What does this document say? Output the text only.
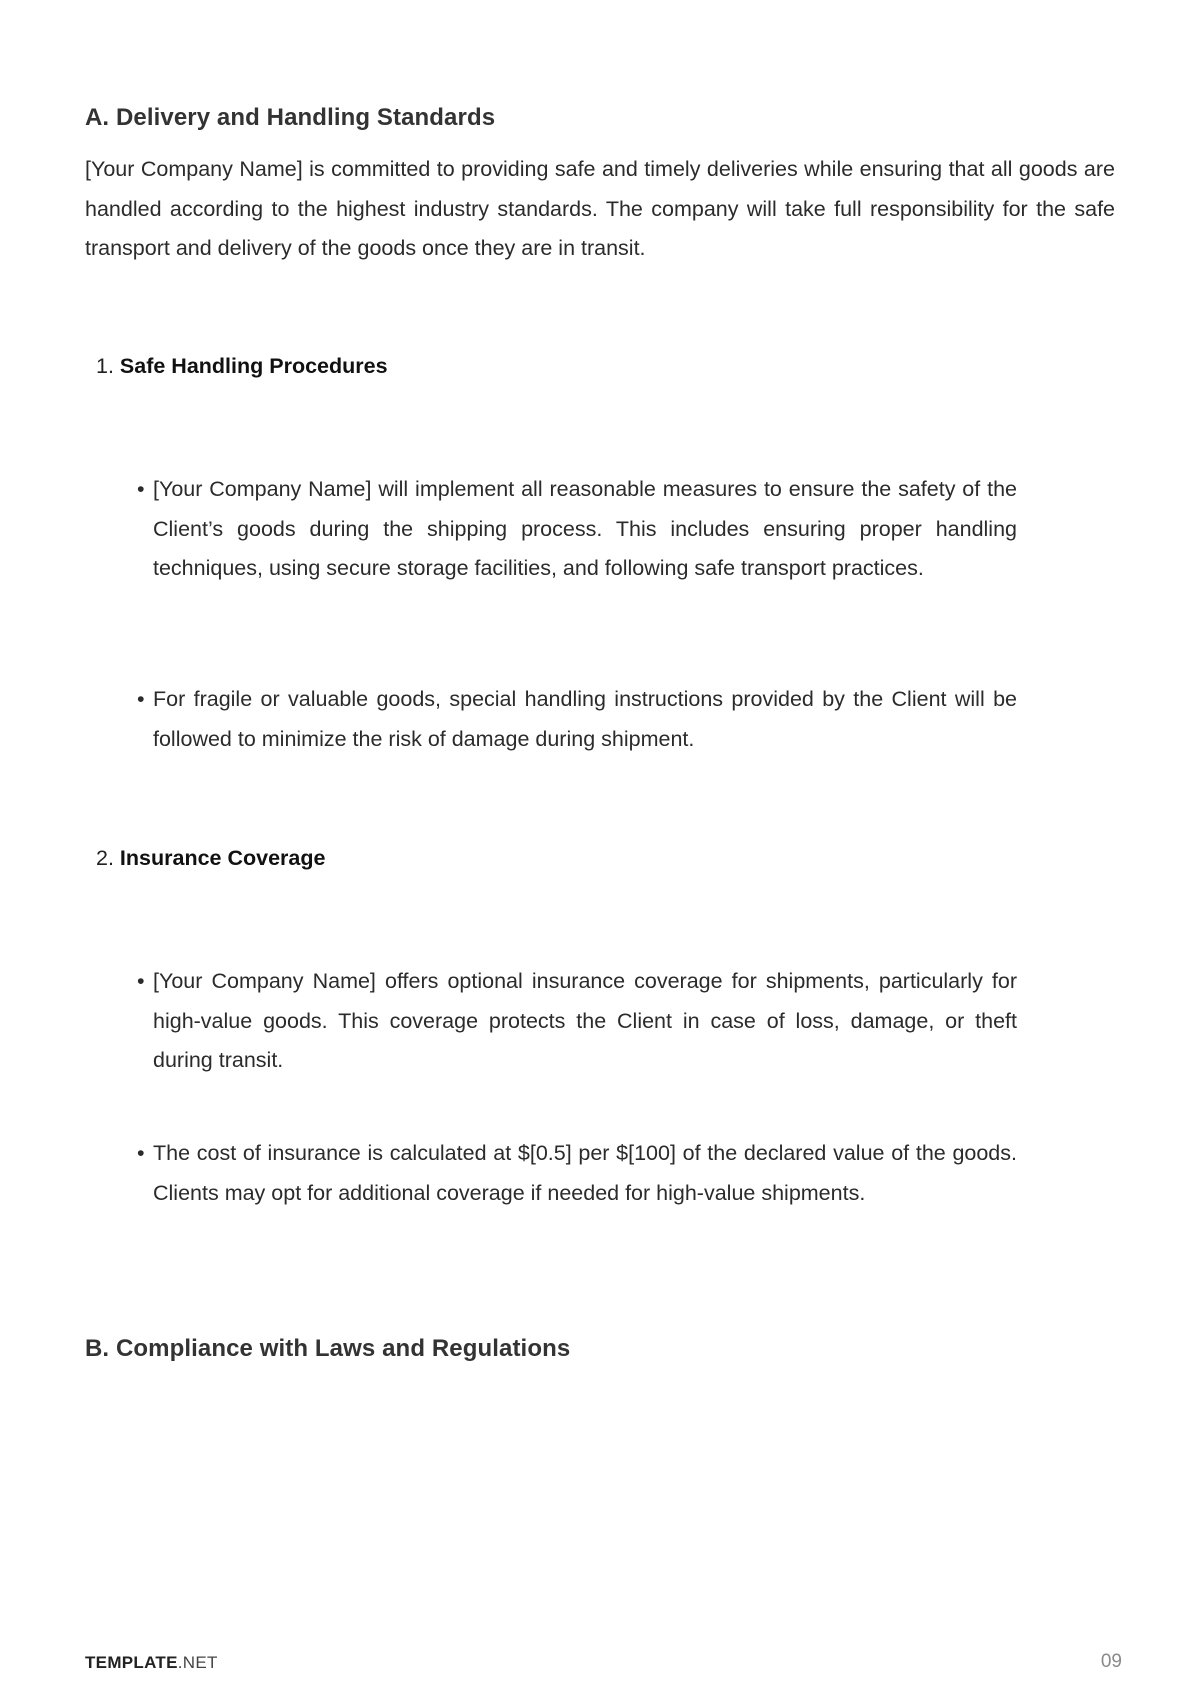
A. Delivery and Handling Standards

[Your Company Name] is committed to providing safe and timely deliveries while ensuring that all goods are handled according to the highest industry standards. The company will take full responsibility for the safe transport and delivery of the goods once they are in transit.

1. Safe Handling Procedures
• [Your Company Name] will implement all reasonable measures to ensure the safety of the Client’s goods during the shipping process. This includes ensuring proper handling techniques, using secure storage facilities, and following safe transport practices.
• For fragile or valuable goods, special handling instructions provided by the Client will be followed to minimize the risk of damage during shipment.
2. Insurance Coverage
• [Your Company Name] offers optional insurance coverage for shipments, particularly for high-value goods. This coverage protects the Client in case of loss, damage, or theft during transit.
• The cost of insurance is calculated at $[0.5] per $[100] of the declared value of the goods. Clients may opt for additional coverage if needed for high-value shipments.
B. Compliance with Laws and Regulations
TEMPLATE.NET	09
